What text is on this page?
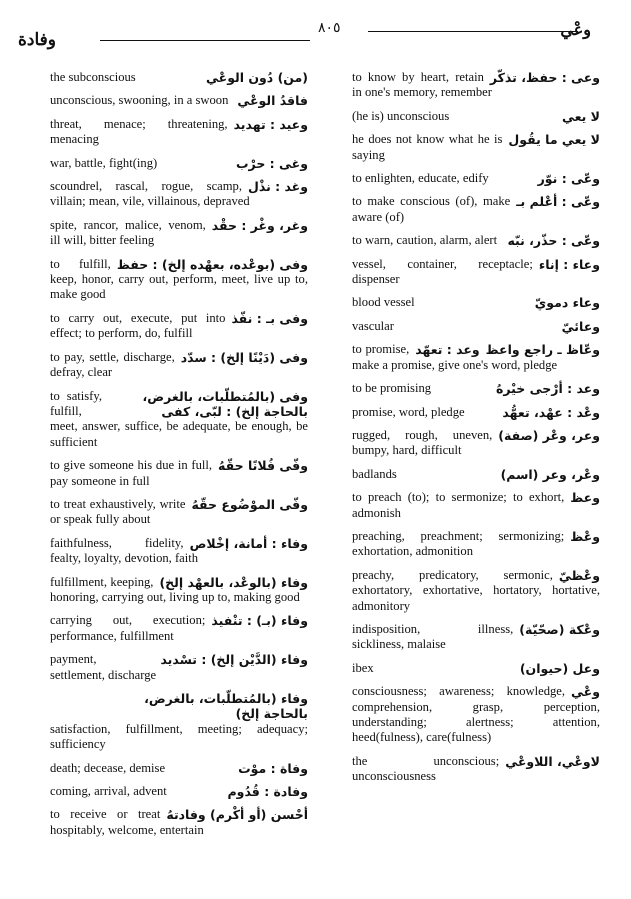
وفادة
٨٠٥	وعْي
(من) دُون الوعْي
the subconscious
فاقدُ الوعْي
unconscious, swooning, in a swoon
وعيد : تهديد
threat, menace; threatening, menacing
وغى : حرْب
war, battle, fight(ing)
وغد : نذْل
scoundrel, rascal, rogue, scamp, villain; mean, vile, villainous, depraved
وغر، وغْر : حقْد
spite, rancor, malice, venom, ill will, bitter feeling
وفى (بوعْده، بعهْده إلخ) : حفظ
to fulfill, keep, honor, carry out, perform, meet, live up to, make good
وفى بـ : نفّذ
to carry out, execute, put into effect; to perform, do, fulfill
وفى (دَيْنًا إلخ) : سدّد
to pay, settle, discharge, defray, clear
وفى (بالمُتطلّبات، بالغرض، بالحاجة إلخ) : لبّى، كفى
to satisfy, fulfill, meet, answer, suffice, be adequate, be enough, be sufficient
وفّى فُلانًا حقّهُ
to give someone his due in full, pay someone in full
وفّى الموْضُوع حقّهُ
to treat exhaustively, write or speak fully about
وفاء : أمانة، إخْلاص
faithfulness, fidelity, fealty, loyalty, devotion, faith
وفاء (بالوعْد، بالعهْد إلخ)
fulfillment, keeping, honoring, carrying out, living up to, making good
وفاء (بـ) : تنْفيذ
carrying out, execution; performance, fulfillment
وفاء (الدَّيْن إلخ) : تسْديد
payment, settlement, discharge
وفاء (بالمُتطلّبات، بالغرض، بالحاجة إلخ)
satisfaction, fulfillment, meeting; adequacy; sufficiency
وفاة : موْت
death; decease, demise
وفادة : قُدُوم
coming, arrival, advent
أحْسن (أو أكْرم) وفادتهُ
to receive or treat hospitably, welcome, entertain
وعى : حفظ، تذكّر
to know by heart, retain in one's memory, remember
لا يعي
(he is) unconscious
لا يعي ما يقُول
he does not know what he is saying
وعّى : نوّر
to enlighten, educate, edify
وعّى : أعْلم بـ
to make conscious (of), make aware (of)
وعّى : حذّر، نبّه
to warn, caution, alarm, alert
وعاء : إناء
vessel, container, receptacle; dispenser
وعاء دمويّ
blood vessel
وعائيّ
vascular
وعّاظ ـ راجع واعظ
وعد : تعهّد
to promise, make a promise, give one's word, pledge
وعد : أرْجى خيْرهُ
to be promising
وعْد : عهْد، تعهُّد
promise, word, pledge
وعر، وعْر (صفة)
rugged, rough, uneven, bumpy, hard, difficult
وعْر، وعر (اسم)
badlands
وعظ
to preach (to); to sermonize; to exhort, admonish
وعْظ
preaching, preachment; sermonizing; exhortation, admonition
وعْظيّ
preachy, predicatory, sermonic, exhortatory, exhortative, hortatory, hortative, admonitory
وعْكة (صحّيّة)
indisposition, illness, sickliness, malaise
وعل (حيوان)
ibex
وعْي
consciousness; awareness; knowledge, comprehension, grasp, perception, understanding; alertness; attention, heed(fulness), care(fulness)
لاوعْي، اللاوعْي
the unconscious; unconsciousness
